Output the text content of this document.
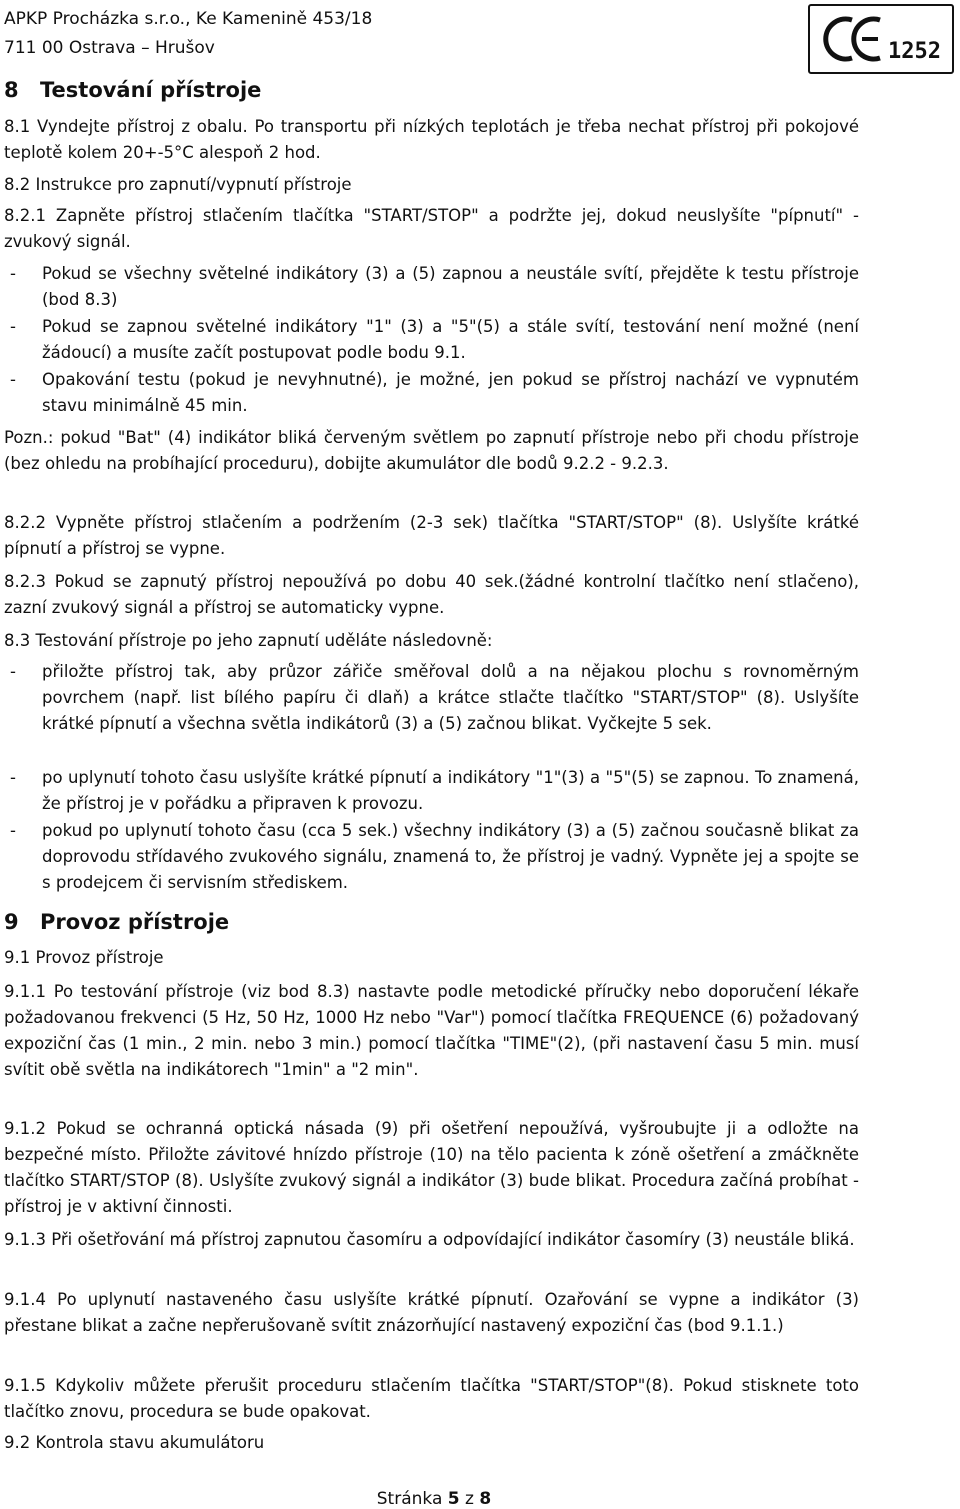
APKP Procházka s.r.o., Ke Kamenině 453/18
711 00 Ostrava – Hrušov	1252
8 Testování přístroje
8.1 Vyndejte přístroj z obalu. Po transportu při nízkých teplotách je třeba nechat přístroj při pokojové teplotě kolem 20+-5°C alespoň 2 hod.
8.2 Instrukce pro zapnutí/vypnutí přístroje
8.2.1 Zapněte přístroj stlačením tlačítka "START/STOP" a podržte jej, dokud neuslyšíte "pípnutí" - zvukový signál.
- Pokud se všechny světelné indikátory (3) a (5) zapnou a neustále svítí, přejděte k testu přístroje (bod 8.3)
- Pokud se zapnou světelné indikátory "1" (3) a "5"(5) a stále svítí, testování není možné (není žádoucí) a musíte začít postupovat podle bodu 9.1.
- Opakování testu (pokud je nevyhnutné), je možné, jen pokud se přístroj nachází ve vypnutém stavu minimálně 45 min.
Pozn.: pokud "Bat" (4) indikátor bliká červeným světlem po zapnutí přístroje nebo při chodu přístroje (bez ohledu na probíhající proceduru), dobijte akumulátor dle bodů 9.2.2 - 9.2.3.
8.2.2 Vypněte přístroj stlačením a podržením (2-3 sek) tlačítka "START/STOP" (8). Uslyšíte krátké pípnutí a přístroj se vypne.
8.2.3 Pokud se zapnutý přístroj nepoužívá po dobu 40 sek.(žádné kontrolní tlačítko není stlačeno), zazní zvukový signál a přístroj se automaticky vypne.
8.3 Testování přístroje po jeho zapnutí uděláte následovně:
- přiložte přístroj tak, aby průzor zářiče směřoval dolů a na nějakou plochu s rovnoměrným povrchem (např. list bílého papíru či dlaň) a krátce stlačte tlačítko "START/STOP" (8). Uslyšíte krátké pípnutí a všechna světla indikátorů (3) a (5) začnou blikat. Vyčkejte 5 sek.
- po uplynutí tohoto času uslyšíte krátké pípnutí a indikátory "1"(3) a "5"(5) se zapnou. To znamená, že přístroj je v pořádku a připraven k provozu.
- pokud po uplynutí tohoto času (cca 5 sek.) všechny indikátory (3) a (5) začnou současně blikat za doprovodu střídavého zvukového signálu, znamená to, že přístroj je vadný. Vypněte jej a spojte se s prodejcem či servisním střediskem.
9 Provoz přístroje
9.1 Provoz přístroje
9.1.1 Po testování přístroje (viz bod 8.3) nastavte podle metodické příručky nebo doporučení lékaře požadovanou frekvenci (5 Hz, 50 Hz, 1000 Hz nebo "Var") pomocí tlačítka FREQUENCE (6) požadovaný expoziční čas (1 min., 2 min. nebo 3 min.) pomocí tlačítka "TIME"(2), (při nastavení času 5 min. musí svítit obě světla na indikátorech "1min" a "2 min".
9.1.2 Pokud se ochranná optická násada (9) při ošetření nepoužívá, vyšroubujte ji a odložte na bezpečné místo. Přiložte závitové hnízdo přístroje (10) na tělo pacienta k zóně ošetření a zmáčkněte tlačítko START/STOP (8). Uslyšíte zvukový signál a indikátor (3) bude blikat. Procedura začíná probíhat - přístroj je v aktivní činnosti.
9.1.3 Při ošetřování má přístroj zapnutou časomíru a odpovídající indikátor časomíry (3) neustále bliká.
9.1.4 Po uplynutí nastaveného času uslyšíte krátké pípnutí. Ozařování se vypne a indikátor (3) přestane blikat a začne nepřerušovaně svítit znázorňující nastavený expoziční čas (bod 9.1.1.)
9.1.5 Kdykoliv můžete přerušit proceduru stlačením tlačítka "START/STOP"(8). Pokud stisknete toto tlačítko znovu, procedura se bude opakovat.
9.2 Kontrola stavu akumulátoru
Stránka 5 z 8
